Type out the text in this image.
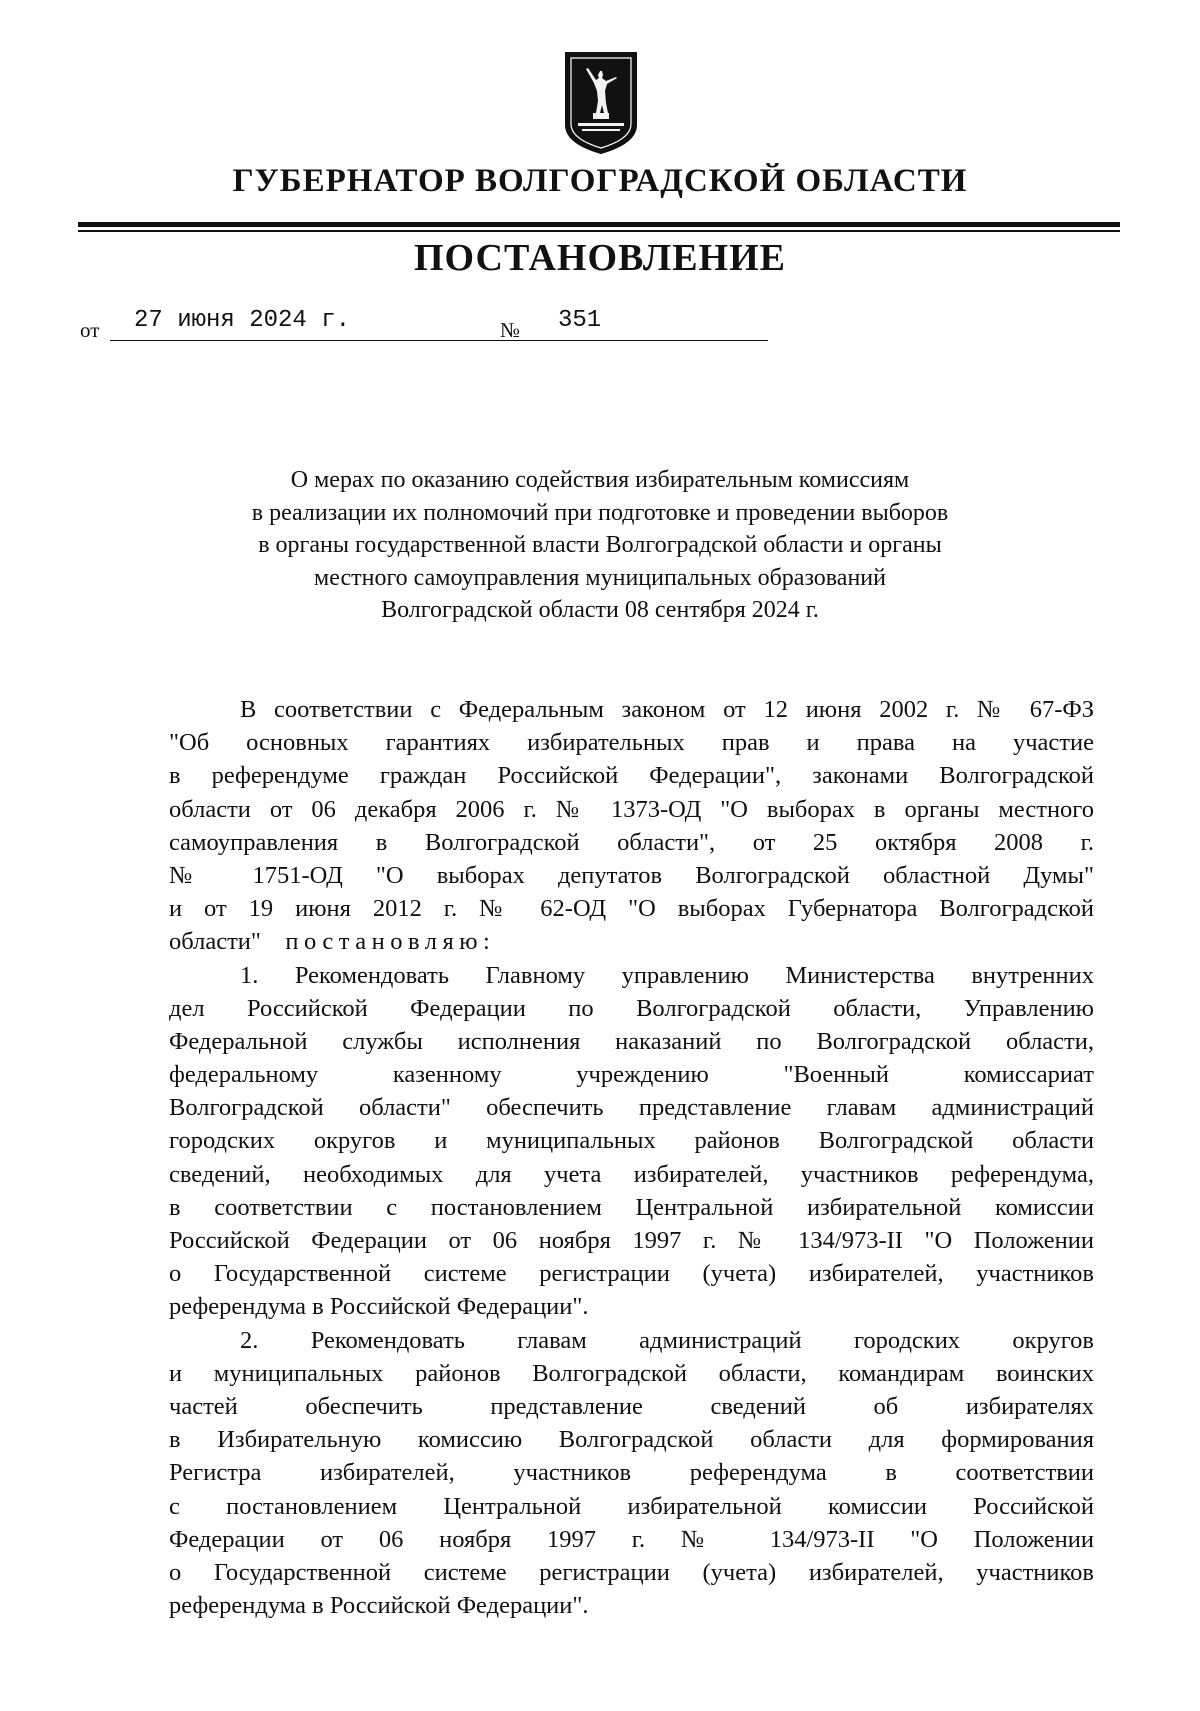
ГУБЕРНАТОР ВОЛГОГРАДСКОЙ ОБЛАСТИ
ПОСТАНОВЛЕНИЕ
от 27 июня 2024 г.	№ 351
О мерах по оказанию содействия избирательным комиссиям
в реализации их полномочий при подготовке и проведении выборов
в органы государственной власти Волгоградской области и органы
местного самоуправления муниципальных образований
Волгоградской области 08 сентября 2024 г.
В соответствии с Федеральным законом от 12 июня 2002 г. № 67-ФЗ
"Об основных гарантиях избирательных прав и права на участие
в референдуме граждан Российской Федерации", законами Волгоградской
области от 06 декабря 2006 г. № 1373-ОД "О выборах в органы местного
самоуправления в Волгоградской области", от 25 октября 2008 г.
№ 1751-ОД "О выборах депутатов Волгоградской областной Думы"
и от 19 июня 2012 г. № 62-ОД "О выборах Губернатора Волгоградской
области" постановляю:
1. Рекомендовать Главному управлению Министерства внутренних
дел Российской Федерации по Волгоградской области, Управлению
Федеральной службы исполнения наказаний по Волгоградской области,
федеральному казенному учреждению "Военный комиссариат
Волгоградской области" обеспечить представление главам администраций
городских округов и муниципальных районов Волгоградской области
сведений, необходимых для учета избирателей, участников референдума,
в соответствии с постановлением Центральной избирательной комиссии
Российской Федерации от 06 ноября 1997 г. № 134/973-II "О Положении
о Государственной системе регистрации (учета) избирателей, участников
референдума в Российской Федерации".
2. Рекомендовать главам администраций городских округов
и муниципальных районов Волгоградской области, командирам воинских
частей обеспечить представление сведений об избирателях
в Избирательную комиссию Волгоградской области для формирования
Регистра избирателей, участников референдума в соответствии
с постановлением Центральной избирательной комиссии Российской
Федерации от 06 ноября 1997 г. № 134/973-II "О Положении
о Государственной системе регистрации (учета) избирателей, участников
референдума в Российской Федерации".
